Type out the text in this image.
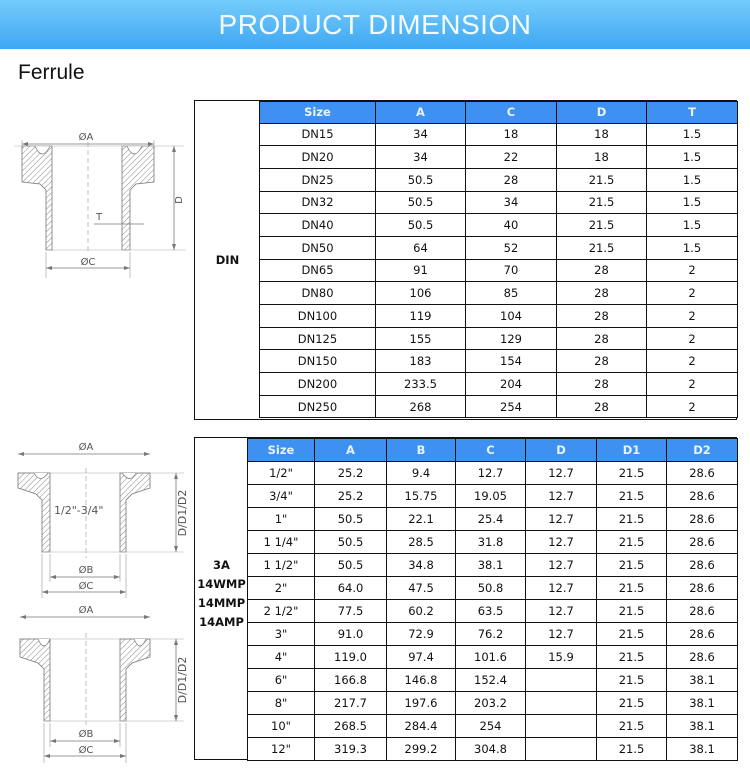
PRODUCT DIMENSION
Ferrule
ØA
D
T
ØC	DIN
Size	A	C	D	T
DN15	34	18	18	1.5
DN20	34	22	18	1.5
DN25	50.5	28	21.5	1.5
DN32	50.5	34	21.5	1.5
DN40	50.5	40	21.5	1.5
DN50	64	52	21.5	1.5
DN65	91	70	28	2
DN80	106	85	28	2
DN100	119	104	28	2
DN125	155	129	28	2
DN150	183	154	28	2
DN200	233.5	204	28	2
DN250	268	254	28	2
ØA
1/2"-3/4"	D/D1/D2
ØB
ØC
ØA
D/D1/D2
ØB
ØC
3A
14WMP
14MMP
14AMP
Size	A	B	C	D	D1	D2
1/2"	25.2	9.4	12.7	12.7	21.5	28.6
3/4"	25.2	15.75	19.05	12.7	21.5	28.6
1"	50.5	22.1	25.4	12.7	21.5	28.6
1 1/4"	50.5	28.5	31.8	12.7	21.5	28.6
1 1/2"	50.5	34.8	38.1	12.7	21.5	28.6
2"	64.0	47.5	50.8	12.7	21.5	28.6
2 1/2"	77.5	60.2	63.5	12.7	21.5	28.6
3"	91.0	72.9	76.2	12.7	21.5	28.6
4"	119.0	97.4	101.6	15.9	21.5	28.6
6"	166.8	146.8	152.4		21.5	38.1
8"	217.7	197.6	203.2		21.5	38.1
10"	268.5	284.4	254		21.5	38.1
12"	319.3	299.2	304.8		21.5	38.1
